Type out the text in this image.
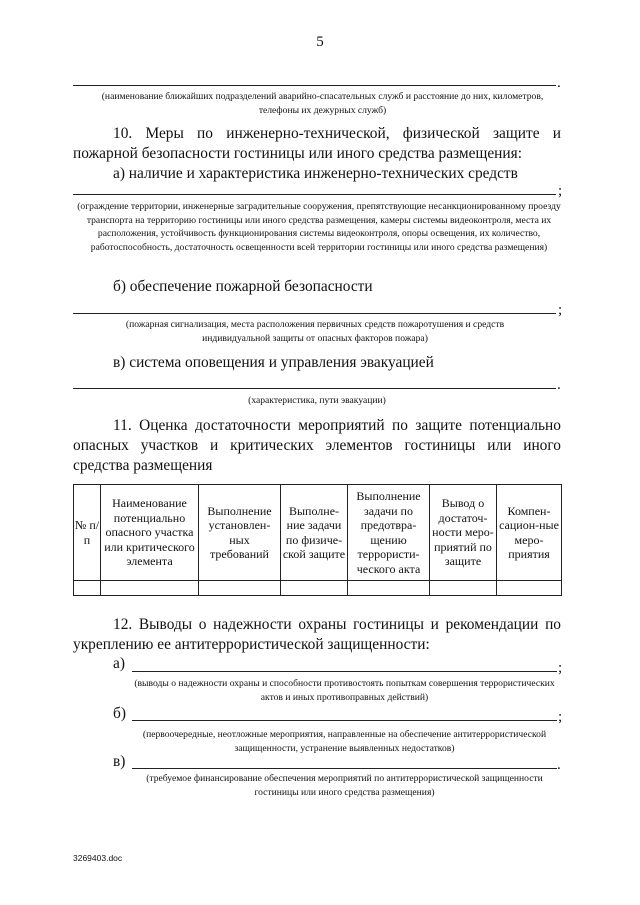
5
.
(наименование ближайших подразделений аварийно-спасательных служб и расстояние до них, километров, телефоны их дежурных служб)
10. Меры по инженерно-технической, физической защите и пожарной безопасности гостиницы или иного средства размещения:
а) наличие и характеристика инженерно-технических средств
;
(ограждение территории, инженерные заградительные сооружения, препятствующие несанкционированному проезду транспорта на территорию гостиницы или иного средства размещения, камеры системы видеоконтроля, места их расположения, устойчивость функционирования системы видеоконтроля, опоры освещения, их количество, работоспособность, достаточность освещенности всей территории гостиницы или иного средства размещения)
б) обеспечение пожарной безопасности
;
(пожарная сигнализация, места расположения первичных средств пожаротушения и средств индивидуальной защиты от опасных факторов пожара)
в) система оповещения и управления эвакуацией
.
(характеристика, пути эвакуации)
11. Оценка достаточности мероприятий по защите потенциально опасных участков и критических элементов гостиницы или иного средства размещения
№ п/п	Наименование потенциально опасного участка или критического элемента	Выполнение установлен-ных требований	Выполне-ние задачи по физиче-ской защите	Выполнение задачи по предотвра-щению террористи-ческого акта	Вывод о достаточ-ности меро-приятий по защите	Компен-сацион-ные меро-приятия

12. Выводы о надежности охраны гостиницы и рекомендации по укреплению ее антитеррористической защищенности:
а)	;
(выводы о надежности охраны и способности противостоять попыткам совершения террористических актов и иных противоправных действий)
б)	;
(первоочередные, неотложные мероприятия, направленные на обеспечение антитеррористической защищенности, устранение выявленных недостатков)
в)	.
(требуемое финансирование обеспечения мероприятий по антитеррористической защищенности гостиницы или иного средства размещения)
3269403.doc
